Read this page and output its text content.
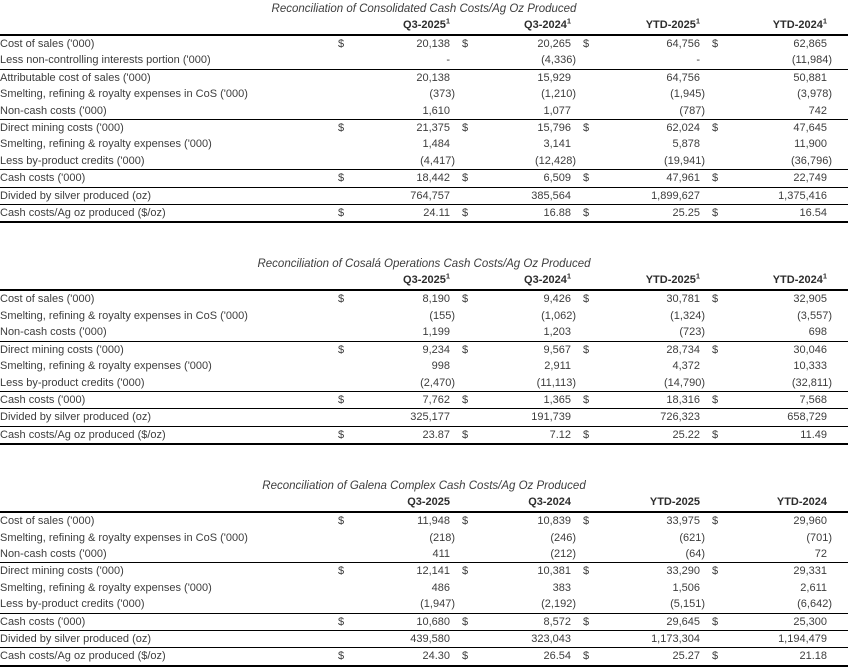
Reconciliation of Consolidated Cash Costs/Ag Oz Produced
		Q3-2025$^1$		Q3-2024$^1$		YTD-2025$^1$		YTD-2024$^1$
Cost of sales ('000)	$	20,138	$	20,265	$	64,756	$	62,865
Less non-controlling interests portion ('000)		-		(4,336)		-		(11,984)
Attributable cost of sales ('000)		20,138		15,929		64,756		50,881
Smelting, refining & royalty expenses in CoS ('000)		(373)		(1,210)		(1,945)		(3,978)
Non-cash costs ('000)		1,610		1,077		(787)		742
Direct mining costs ('000)	$	21,375	$	15,796	$	62,024	$	47,645
Smelting, refining & royalty expenses ('000)		1,484		3,141		5,878		11,900
Less by-product credits ('000)		(4,417)		(12,428)		(19,941)		(36,796)
Cash costs ('000)	$	18,442	$	6,509	$	47,961	$	22,749
Divided by silver produced (oz)		764,757		385,564		1,899,627		1,375,416
Cash costs/Ag oz produced ($/oz)	$	24.11	$	16.88	$	25.25	$	16.54
Reconciliation of Cosalá Operations Cash Costs/Ag Oz Produced
		Q3-2025$^1$		Q3-2024$^1$		YTD-2025$^1$		YTD-2024$^1$
Cost of sales ('000)	$	8,190	$	9,426	$	30,781	$	32,905
Smelting, refining & royalty expenses in CoS ('000)		(155)		(1,062)		(1,324)		(3,557)
Non-cash costs ('000)		1,199		1,203		(723)		698
Direct mining costs ('000)	$	9,234	$	9,567	$	28,734	$	30,046
Smelting, refining & royalty expenses ('000)		998		2,911		4,372		10,333
Less by-product credits ('000)		(2,470)		(11,113)		(14,790)		(32,811)
Cash costs ('000)	$	7,762	$	1,365	$	18,316	$	7,568
Divided by silver produced (oz)		325,177		191,739		726,323		658,729
Cash costs/Ag oz produced ($/oz)	$	23.87	$	7.12	$	25.22	$	11.49
Reconciliation of Galena Complex Cash Costs/Ag Oz Produced
		Q3-2025		Q3-2024		YTD-2025		YTD-2024
Cost of sales ('000)	$	11,948	$	10,839	$	33,975	$	29,960
Smelting, refining & royalty expenses in CoS ('000)		(218)		(246)		(621)		(701)
Non-cash costs ('000)		411		(212)		(64)		72
Direct mining costs ('000)	$	12,141	$	10,381	$	33,290	$	29,331
Smelting, refining & royalty expenses ('000)		486		383		1,506		2,611
Less by-product credits ('000)		(1,947)		(2,192)		(5,151)		(6,642)
Cash costs ('000)	$	10,680	$	8,572	$	29,645	$	25,300
Divided by silver produced (oz)		439,580		323,043		1,173,304		1,194,479
Cash costs/Ag oz produced ($/oz)	$	24.30	$	26.54	$	25.27	$	21.18
